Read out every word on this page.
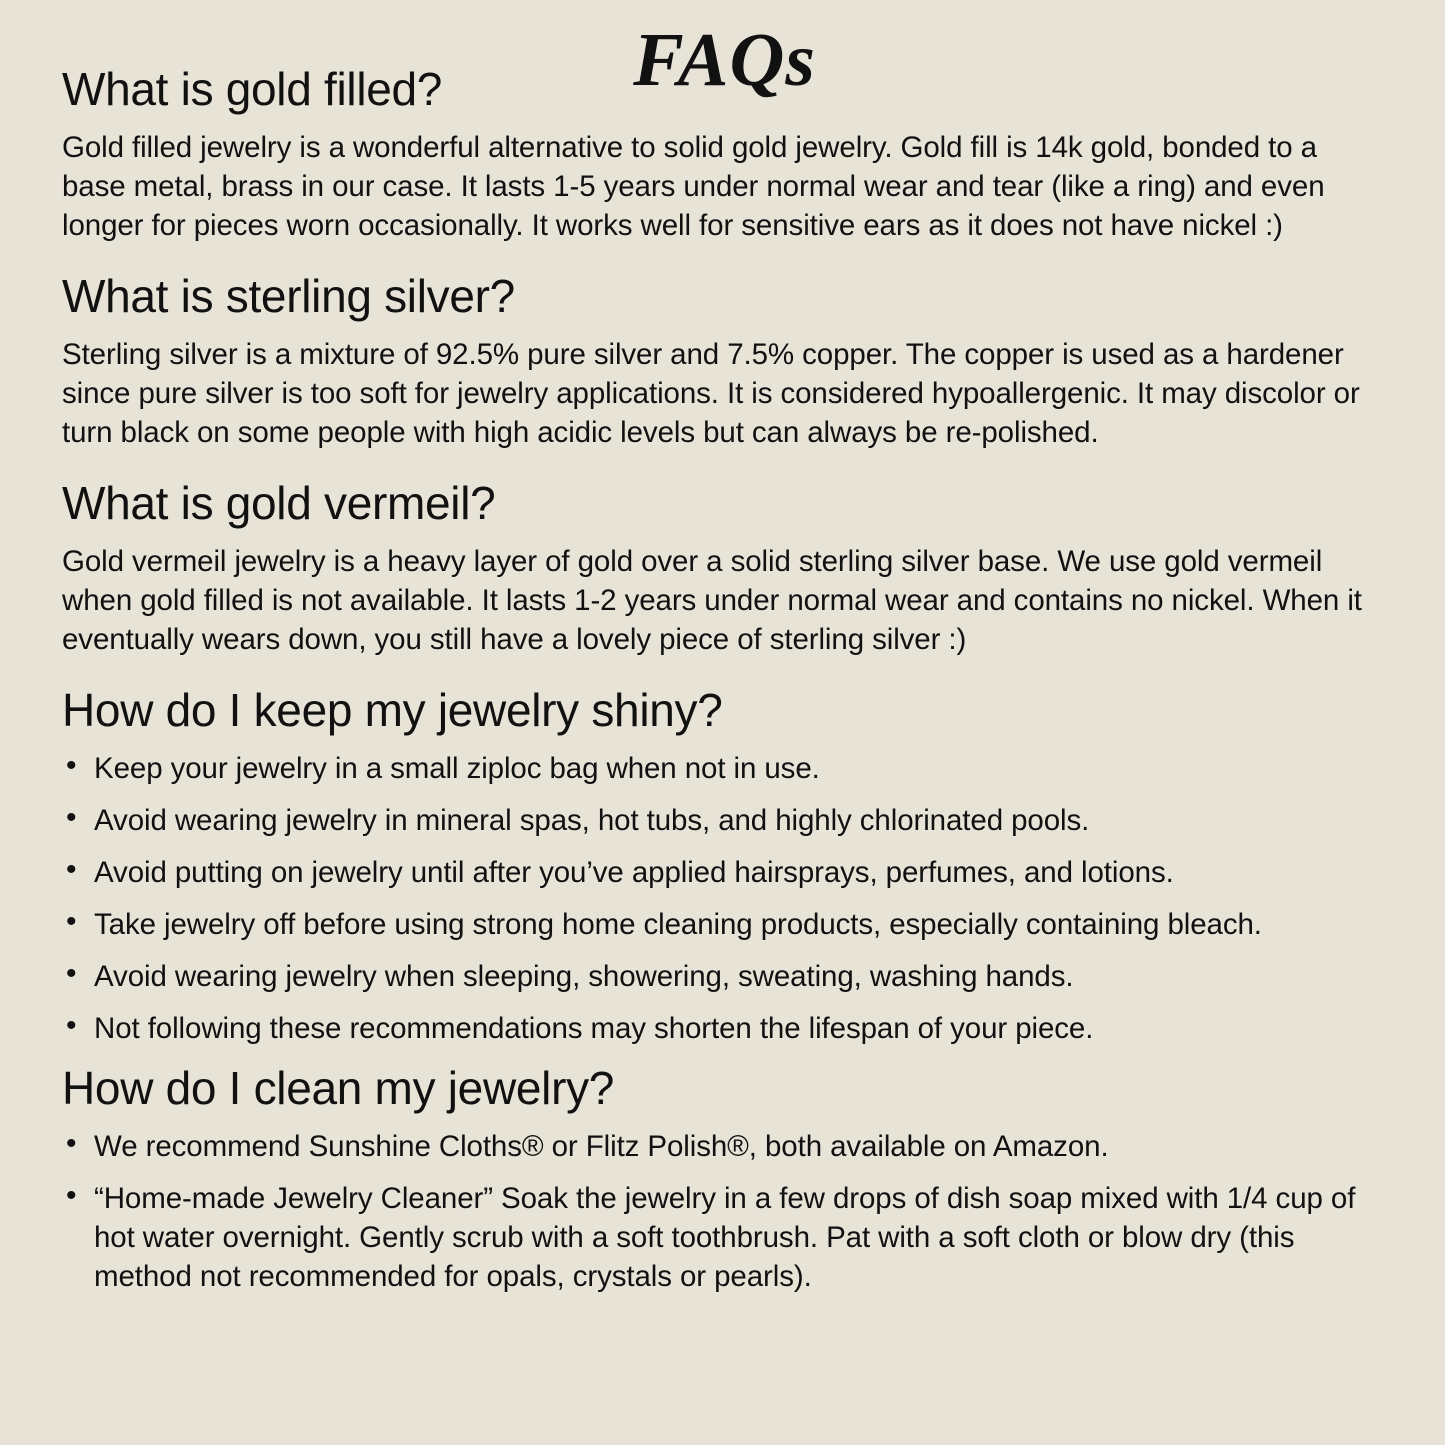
FAQs
What is gold filled?

Gold filled jewelry is a wonderful alternative to solid gold jewelry. Gold fill is 14k gold, bonded to a base metal, brass in our case. It lasts 1-5 years under normal wear and tear (like a ring) and even longer for pieces worn occasionally. It works well for sensitive ears as it does not have nickel :)

What is sterling silver?

Sterling silver is a mixture of 92.5% pure silver and 7.5% copper. The copper is used as a hardener since pure silver is too soft for jewelry applications. It is considered hypoallergenic. It may discolor or turn black on some people with high acidic levels but can always be re-polished.

What is gold vermeil?

Gold vermeil jewelry is a heavy layer of gold over a solid sterling silver base. We use gold vermeil when gold filled is not available. It lasts 1-2 years under normal wear and contains no nickel. When it eventually wears down, you still have a lovely piece of sterling silver :)

How do I keep my jewelry shiny?
• Keep your jewelry in a small ziploc bag when not in use.
• Avoid wearing jewelry in mineral spas, hot tubs, and highly chlorinated pools.
• Avoid putting on jewelry until after you’ve applied hairsprays, perfumes, and lotions.
• Take jewelry off before using strong home cleaning products, especially containing bleach.
• Avoid wearing jewelry when sleeping, showering, sweating, washing hands.
• Not following these recommendations may shorten the lifespan of your piece.
How do I clean my jewelry?
• We recommend Sunshine Cloths® or Flitz Polish®, both available on Amazon.
• “Home-made Jewelry Cleaner” Soak the jewelry in a few drops of dish soap mixed with 1/4 cup of hot water overnight. Gently scrub with a soft toothbrush. Pat with a soft cloth or blow dry (this method not recommended for opals, crystals or pearls).
